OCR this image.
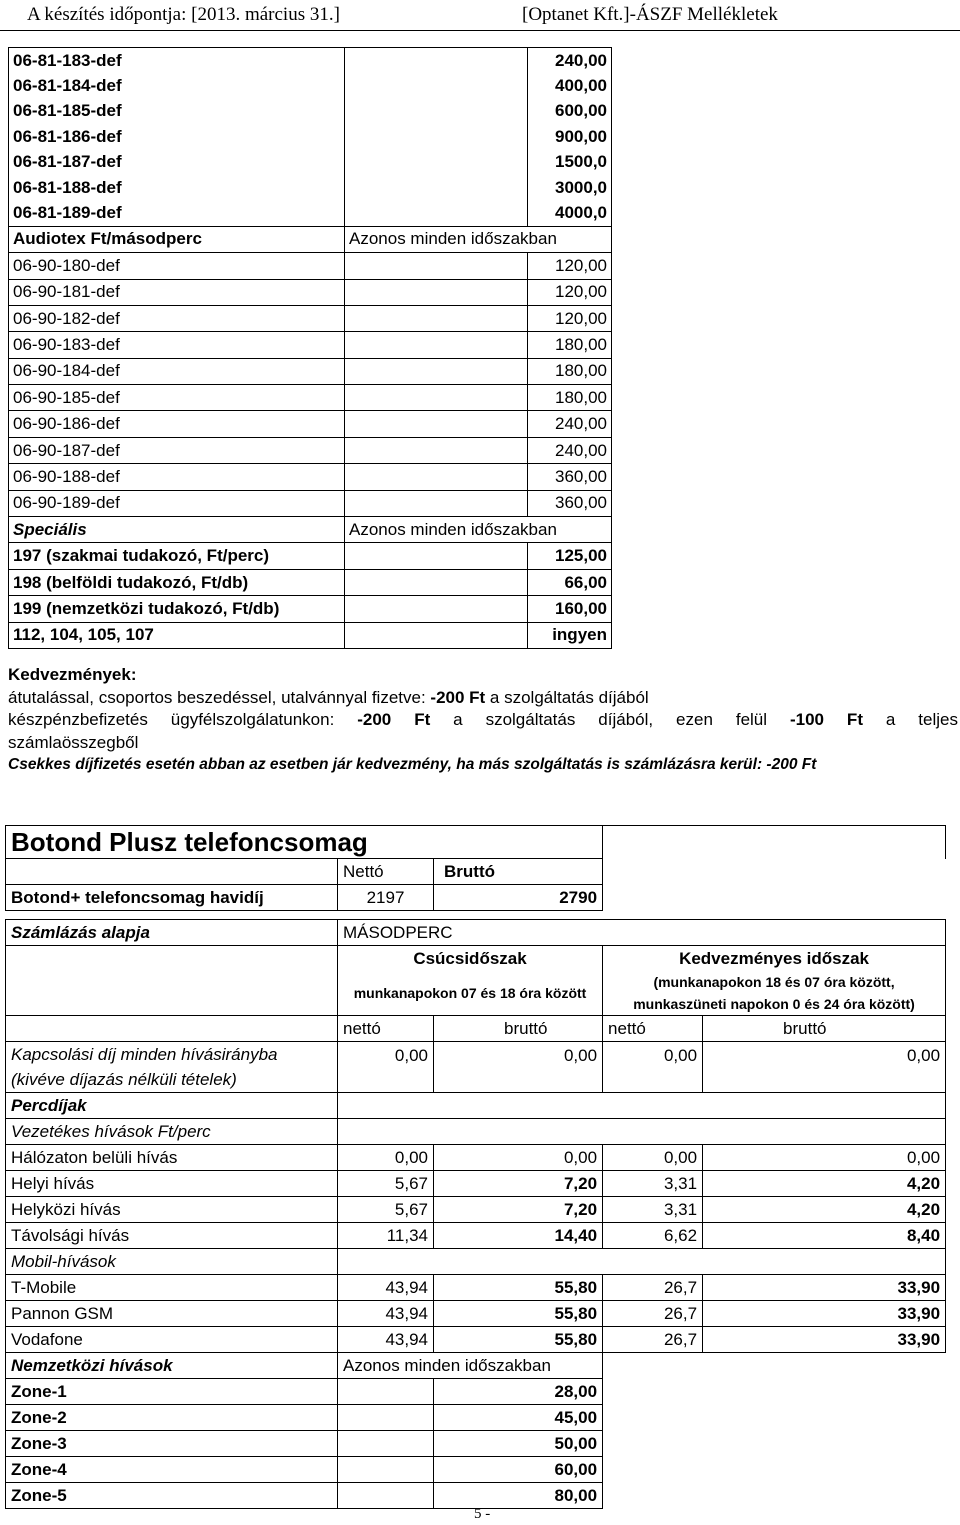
A készítés időpontja: [2013. március 31.]	[Optanet Kft.]-ÁSZF Mellékletek
06-81-183-def		240,00
06-81-184-def		400,00
06-81-185-def		600,00
06-81-186-def		900,00
06-81-187-def		1500,0
06-81-188-def		3000,0
06-81-189-def		4000,0
Audiotex Ft/másodperc	Azonos minden időszakban	
06-90-180-def		120,00
06-90-181-def		120,00
06-90-182-def		120,00
06-90-183-def		180,00
06-90-184-def		180,00
06-90-185-def		180,00
06-90-186-def		240,00
06-90-187-def		240,00
06-90-188-def		360,00
06-90-189-def		360,00
Speciális	Azonos minden időszakban	
197 (szakmai tudakozó, Ft/perc)		125,00
198 (belföldi tudakozó, Ft/db)		66,00
199 (nemzetközi tudakozó, Ft/db)		160,00
112, 104, 105, 107		ingyen
Kedvezmények:
átutalással, csoportos beszedéssel, utalvánnyal fizetve: -200 Ft a szolgáltatás díjából
készpénzbefizetés ügyfélszolgálatunkon: -200 Ft a szolgáltatás díjából, ezen felül -100 Ft a teljes
számlaösszegből
Csekkes díjfizetés esetén abban az esetben jár kedvezmény, ha más szolgáltatás is számlázásra kerül: -200 Ft
Botond Plusz telefoncsomag				
	Nettó	Bruttó		
Botond+ telefoncsomag havidíj	2197	2790		

Számlázás alapja	MÁSODPERC			
	Csúcsidőszak		Kedvezményes időszak	
	munkanapokon 07 és 18 óra között		(munkanapokon 18 és 07 óra között, munkaszüneti napokon 0 és 24 óra között)	
	nettó	bruttó	nettó	bruttó
Kapcsolási díj minden hívásirányba
(kivéve díjazás nélküli tételek)	0,00	0,00	0,00	0,00
Percdíjak				
Vezetékes hívások Ft/perc				
Hálózaton belüli hívás	0,00	0,00	0,00	0,00
Helyi hívás	5,67	7,20	3,31	4,20
Helyközi hívás	5,67	7,20	3,31	4,20
Távolsági hívás	11,34	14,40	6,62	8,40
Mobil-hívások				
T-Mobile	43,94	55,80	26,7	33,90
Pannon GSM	43,94	55,80	26,7	33,90
Vodafone	43,94	55,80	26,7	33,90
Nemzetközi hívások	Azonos minden időszakban			
Zone-1		28,00		
Zone-2		45,00		
Zone-3		50,00		
Zone-4		60,00		
Zone-5		80,00		
5 -
